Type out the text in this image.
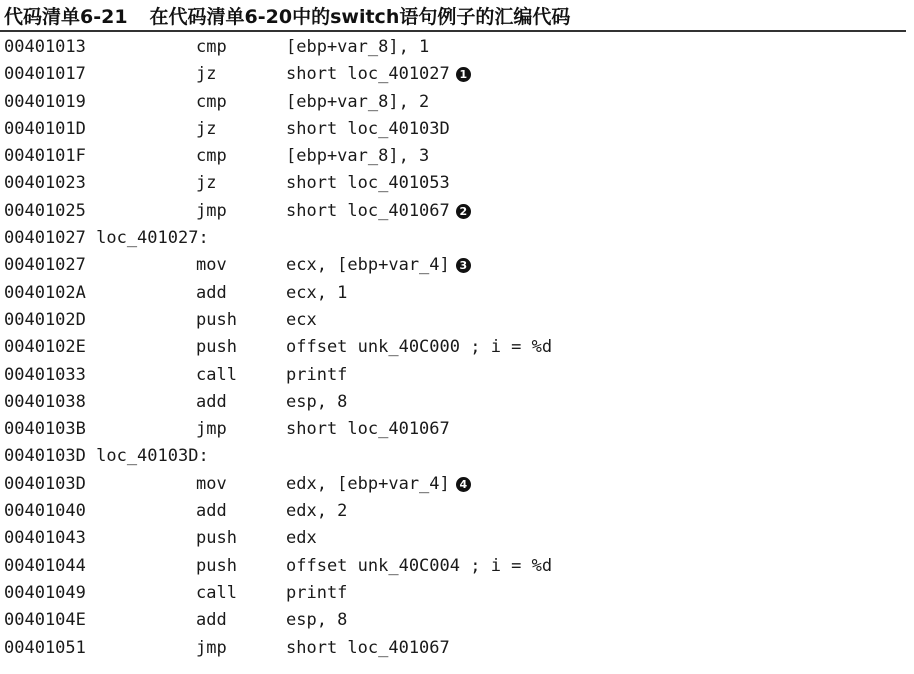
代码清单6-21 在代码清单6-20中的switch语句例子的汇编代码
00401013	cmp	[ebp+var_8], 1
00401017	jz	short loc_401027 1
00401019	cmp	[ebp+var_8], 2
0040101D	jz	short loc_40103D
0040101F	cmp	[ebp+var_8], 3
00401023	jz	short loc_401053
00401025	jmp	short loc_401067 2
00401027 loc_401027:
00401027	mov	ecx, [ebp+var_4] 3
0040102A	add	ecx, 1
0040102D	push	ecx
0040102E	push	offset unk_40C000 ; i = %d
00401033	call	printf
00401038	add	esp, 8
0040103B	jmp	short loc_401067
0040103D loc_40103D:
0040103D	mov	edx, [ebp+var_4] 4
00401040	add	edx, 2
00401043	push	edx
00401044	push	offset unk_40C004 ; i = %d
00401049	call	printf
0040104E	add	esp, 8
00401051	jmp	short loc_401067
